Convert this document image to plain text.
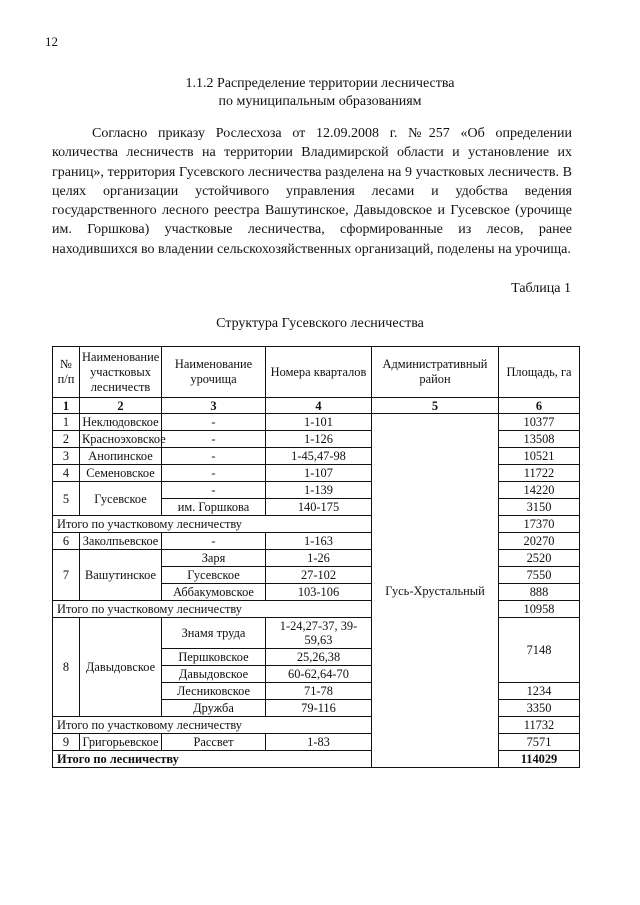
12
1.1.2 Распределение территории лесничества
по муниципальным образованиям
Согласно приказу Рослесхоза от 12.09.2008 г. №257 «Об определении количества лесничеств на территории Владимирской области и установление их границ», территория Гусевского лесничества разделена на 9 участковых лесничеств. В целях организации устойчивого управления лесами и удобства ведения государственного лесного реестра Вашутинское, Давыдовское и Гусевское (урочище им. Горшкова) участковые лесничества, сформированные из лесов, ранее находившихся во владении сельскохозяйственных организаций, поделены на урочища.
Таблица 1
Структура Гусевского лесничества
№ п/п	Наименование участковых лесничеств	Наименование урочища	Номера кварталов	Административный район	Площадь, га
1	2	3	4	5	6
1	Неклюдовское	-	1-101	Гусь-Хрустальный	10377
2	Красноэховское	-	1-126		13508
3	Анопинское	-	1-45,47-98		10521
4	Семеновское	-	1-107		11722
5	Гусевское	-	1-139		14220
		им. Горшкова	140-175		3150
Итого по участковому лесничеству					17370
6	Заколпьевское	-	1-163		20270
7	Вашутинское	Заря	1-26		2520
		Гусевское	27-102		7550
		Аббакумовское	103-106		888
Итого по участковому лесничеству					10958
8	Давыдовское	Знамя труда	1-24,27-37, 39-59,63		7148
		Першковское	25,26,38		
		Давыдовское	60-62,64-70		
		Лесниковское	71-78		1234
		Дружба	79-116		3350
Итого по участковому лесничеству					11732
9	Григорьевское	Рассвет	1-83		7571
Итого по лесничеству					114029
